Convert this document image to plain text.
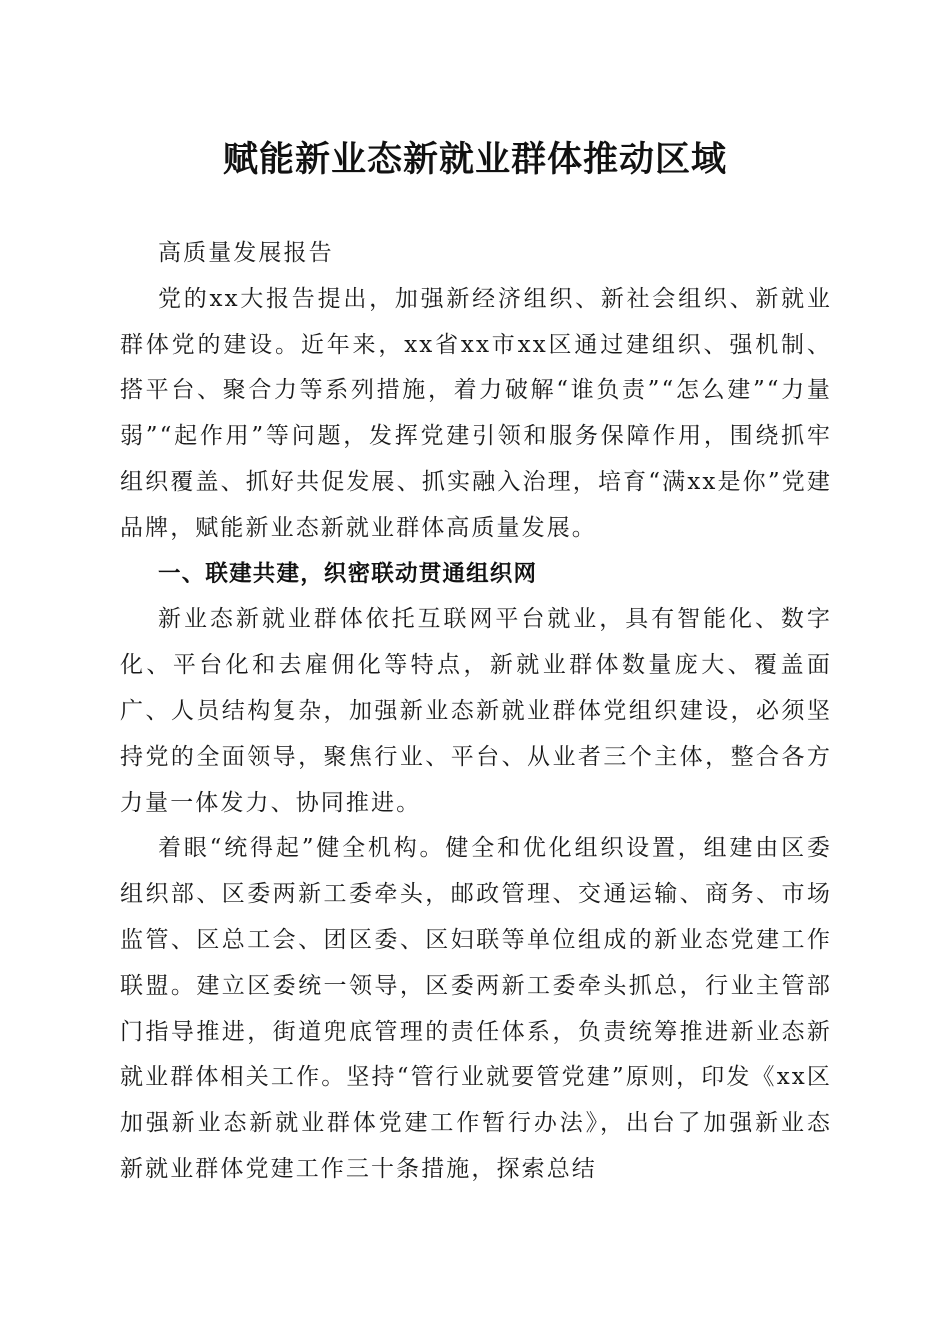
赋能新业态新就业群体推动区域

高质量发展报告

党的xx大报告提出，加强新经济组织、新社会组织、新就业群体党的建设。近年来，xx省xx市xx区通过建组织、强机制、搭平台、聚合力等系列措施，着力破解“谁负责”“怎么建”“力量弱”“起作用”等问题，发挥党建引领和服务保障作用，围绕抓牢组织覆盖、抓好共促发展、抓实融入治理，培育“满xx是你”党建品牌，赋能新业态新就业群体高质量发展。

一、联建共建，织密联动贯通组织网

新业态新就业群体依托互联网平台就业，具有智能化、数字化、平台化和去雇佣化等特点，新就业群体数量庞大、覆盖面广、人员结构复杂，加强新业态新就业群体党组织建设，必须坚持党的全面领导，聚焦行业、平台、从业者三个主体，整合各方力量一体发力、协同推进。

着眼“统得起”健全机构。健全和优化组织设置，组建由区委组织部、区委两新工委牵头，邮政管理、交通运输、商务、市场监管、区总工会、团区委、区妇联等单位组成的新业态党建工作联盟。建立区委统一领导，区委两新工委牵头抓总，行业主管部门指导推进，街道兜底管理的责任体系，负责统筹推进新业态新就业群体相关工作。坚持“管行业就要管党建”原则，印发《xx区加强新业态新就业群体党建工作暂行办法》，出台了加强新业态新就业群体党建工作三十条措施，探索总结
